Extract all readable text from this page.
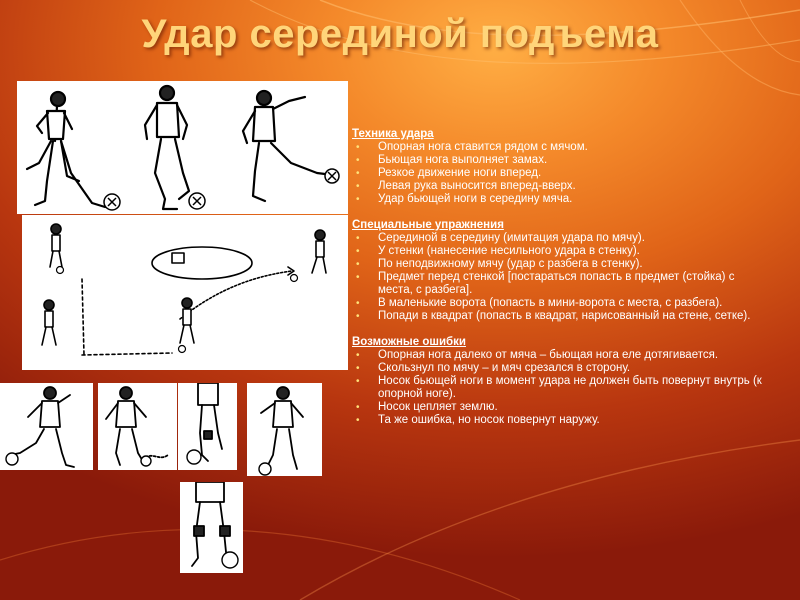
Удар серединой подъема
Техника удара
• Опорная нога ставится рядом с мячом.
• Бьющая нога выполняет замах.
• Резкое движение ноги вперед.
• Левая рука выносится вперед-вверх.
• Удар бьющей ноги в середину мяча.
Специальные упражнения
• Серединой в середину (имитация удара по мячу).
• У стенки (нанесение несильного удара в стенку).
• По неподвижному мячу (удар с разбега в стенку).
• Предмет перед стенкой [постараться попасть в предмет (стойка) с места, с разбега].
• В маленькие ворота (попасть в мини-ворота с места, с разбега).
• Попади в квадрат (попасть в квадрат, нарисованный на стене, сетке).
Возможные ошибки
• Опорная нога далеко от мяча – бьющая нога еле дотягивается.
• Скользнул по мячу – и мяч срезался в сторону.
• Носок бьющей ноги в момент удара не должен быть повернут внутрь (к опорной ноге).
• Носок цепляет землю.
• Та же ошибка, но носок повернут наружу.
